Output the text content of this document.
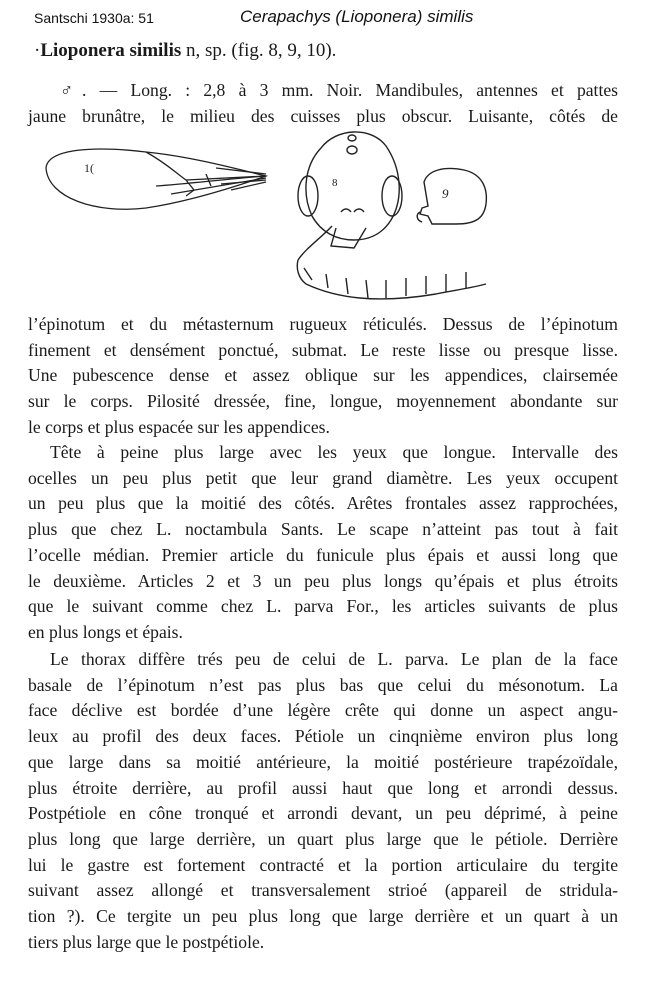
Santschi 1930a: 51	Cerapachys (Lioponera) similis
·Lioponera similis n, sp. (fig. 8, 9, 10).
♂. — Long. : 2,8 à 3 mm. Noir. Mandibules, antennes et pattes
jaune brunâtre, le milieu des cuisses plus obscur. Luisante, côtés de
1(
8
9
l’épinotum et du métasternum rugueux réticulés. Dessus de l’épinotum
finement et densément ponctué, submat. Le reste lisse ou presque lisse.
Une pubescence dense et assez oblique sur les appendices, clairsemée
sur le corps. Pilosité dressée, fine, longue, moyennement abondante sur
le corps et plus espacée sur les appendices.
Tête à peine plus large avec les yeux que longue. Intervalle des
ocelles un peu plus petit que leur grand diamètre. Les yeux occupent
un peu plus que la moitié des côtés. Arêtes frontales assez rapprochées,
plus que chez L. noctambula Sants. Le scape n’atteint pas tout à fait
l’ocelle médian. Premier article du funicule plus épais et aussi long que
le deuxième. Articles 2 et 3 un peu plus longs qu’épais et plus étroits
que le suivant comme chez L. parva For., les articles suivants de plus
en plus longs et épais.
Le thorax diffère trés peu de celui de L. parva. Le plan de la face
basale de l’épinotum n’est pas plus bas que celui du mésonotum. La
face déclive est bordée d’une légère crête qui donne un aspect angu-
leux au profil des deux faces. Pétiole un cinqnième environ plus long
que large dans sa moitié antérieure, la moitié postérieure trapézoïdale,
plus étroite derrière, au profil aussi haut que long et arrondi dessus.
Postpétiole en cône tronqué et arrondi devant, un peu déprimé, à peine
plus long que large derrière, un quart plus large que le pétiole. Derrière
lui le gastre est fortement contracté et la portion articulaire du tergite
suivant assez allongé et transversalement strioé (appareil de stridula-
tion ?). Ce tergite un peu plus long que large derrière et un quart à un
tiers plus large que le postpétiole.
